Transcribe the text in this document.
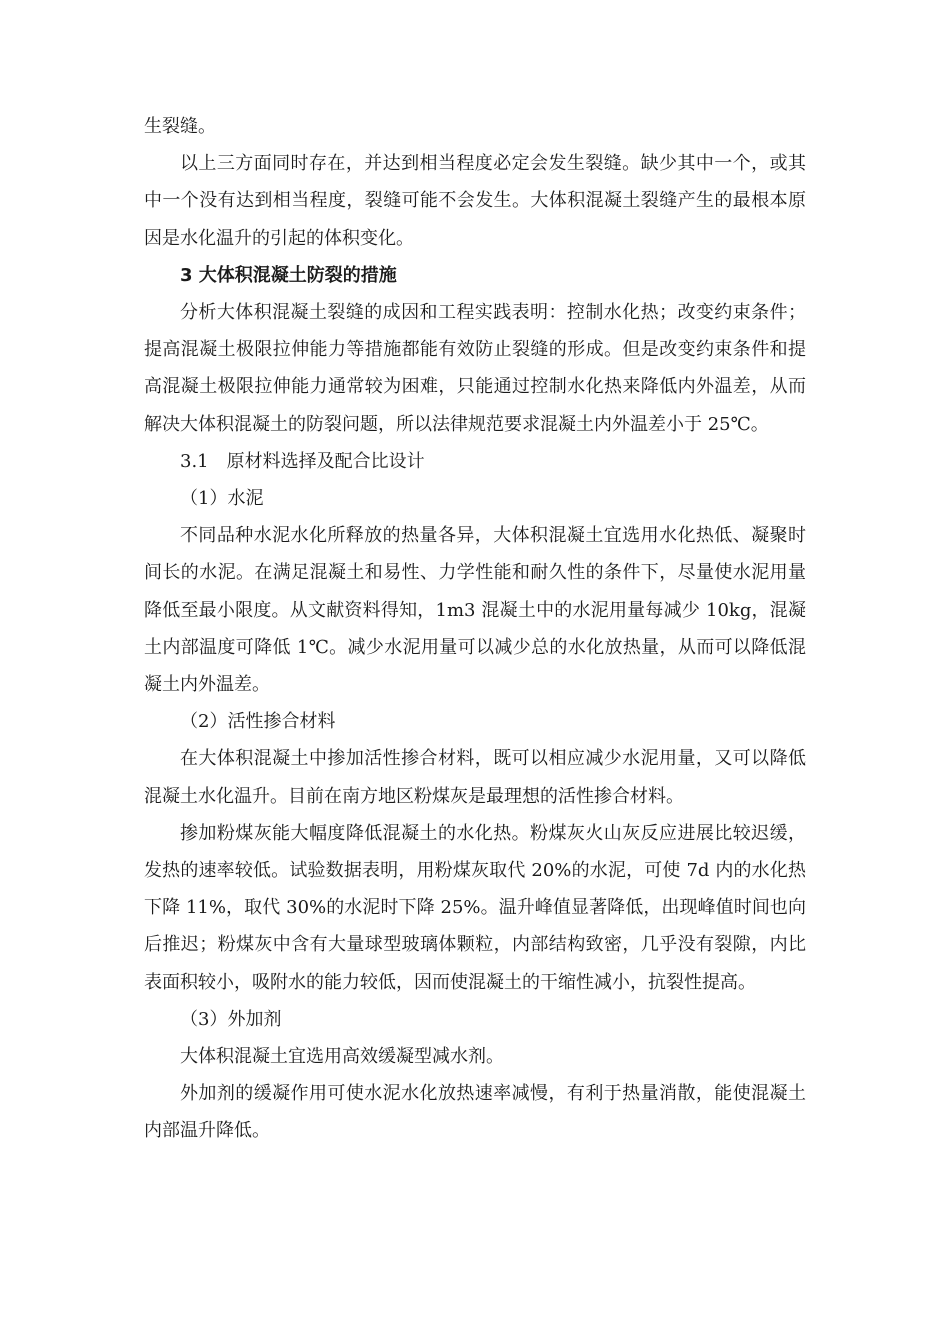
生裂缝。

以上三方面同时存在，并达到相当程度必定会发生裂缝。缺少其中一个，或其中一个没有达到相当程度，裂缝可能不会发生。大体积混凝土裂缝产生的最根本原因是水化温升的引起的体积变化。

3 大体积混凝土防裂的措施

分析大体积混凝土裂缝的成因和工程实践表明：控制水化热；改变约束条件；提高混凝土极限拉伸能力等措施都能有效防止裂缝的形成。但是改变约束条件和提高混凝土极限拉伸能力通常较为困难，只能通过控制水化热来降低内外温差，从而解决大体积混凝土的防裂问题，所以法律规范要求混凝土内外温差小于 25℃。

3.1　原材料选择及配合比设计

（1）水泥

不同品种水泥水化所释放的热量各异，大体积混凝土宜选用水化热低、凝聚时间长的水泥。在满足混凝土和易性、力学性能和耐久性的条件下，尽量使水泥用量降低至最小限度。从文献资料得知，1m3 混凝土中的水泥用量每减少 10kg，混凝土内部温度可降低 1℃。减少水泥用量可以减少总的水化放热量，从而可以降低混凝土内外温差。

（2）活性掺合材料

在大体积混凝土中掺加活性掺合材料，既可以相应减少水泥用量，又可以降低混凝土水化温升。目前在南方地区粉煤灰是最理想的活性掺合材料。

掺加粉煤灰能大幅度降低混凝土的水化热。粉煤灰火山灰反应进展比较迟缓，发热的速率较低。试验数据表明，用粉煤灰取代 20%的水泥，可使 7d 内的水化热下降 11%，取代 30%的水泥时下降 25%。温升峰值显著降低，出现峰值时间也向后推迟；粉煤灰中含有大量球型玻璃体颗粒，内部结构致密，几乎没有裂隙，内比表面积较小，吸附水的能力较低，因而使混凝土的干缩性减小，抗裂性提高。

（3）外加剂

大体积混凝土宜选用高效缓凝型减水剂。

外加剂的缓凝作用可使水泥水化放热速率减慢，有利于热量消散，能使混凝土内部温升降低。
